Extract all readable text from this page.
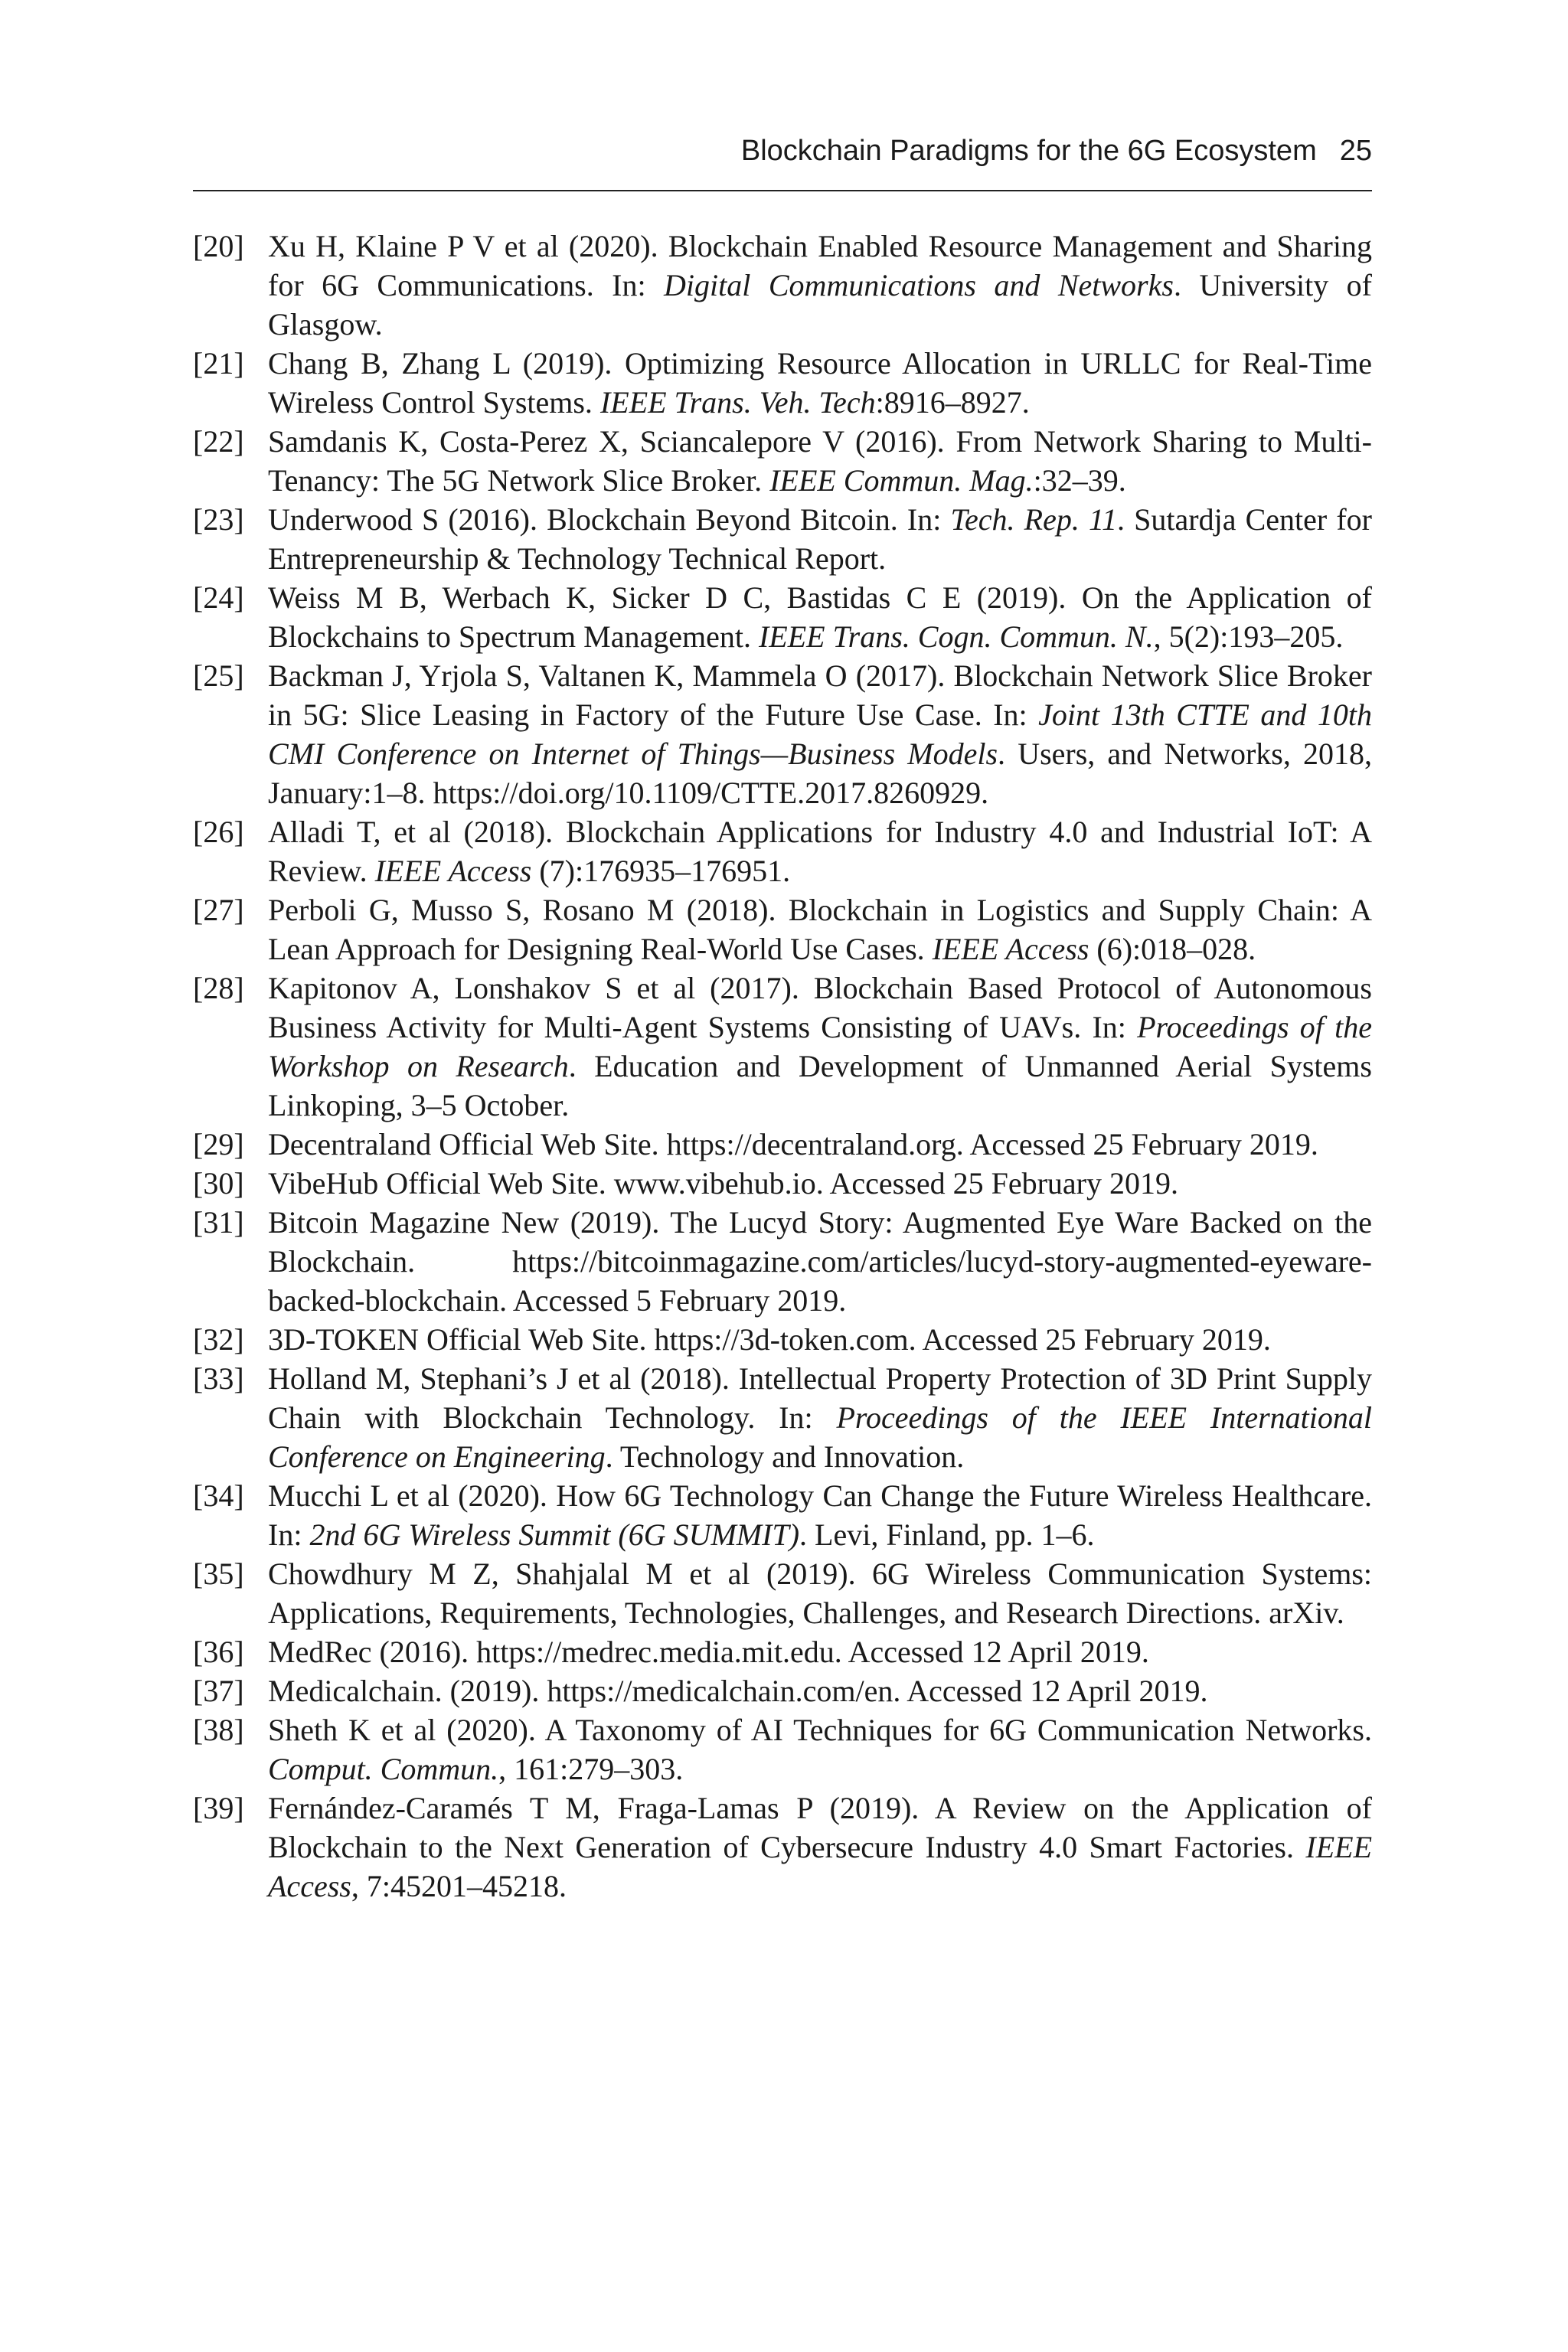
Blockchain Paradigms for the 6G Ecosystem 25
[20] Xu H, Klaine P V et al (2020). Blockchain Enabled Resource Management and Sharing for 6G Communications. In: Digital Communications and Networks. University of Glasgow.
[21] Chang B, Zhang L (2019). Optimizing Resource Allocation in URLLC for Real-Time Wireless Control Systems. IEEE Trans. Veh. Tech:8916–8927.
[22] Samdanis K, Costa-Perez X, Sciancalepore V (2016). From Network Sharing to Multi-Tenancy: The 5G Network Slice Broker. IEEE Commun. Mag.:32–39.
[23] Underwood S (2016). Blockchain Beyond Bitcoin. In: Tech. Rep. 11. Sutardja Center for Entrepreneurship & Technology Technical Report.
[24] Weiss M B, Werbach K, Sicker D C, Bastidas C E (2019). On the Application of Blockchains to Spectrum Management. IEEE Trans. Cogn. Commun. N., 5(2):193–205.
[25] Backman J, Yrjola S, Valtanen K, Mammela O (2017). Blockchain Network Slice Broker in 5G: Slice Leasing in Factory of the Future Use Case. In: Joint 13th CTTE and 10th CMI Conference on Internet of Things—Business Models. Users, and Networks, 2018, January:1–8. https://doi.org/10.1109/CTTE.2017.8260929.
[26] Alladi T, et al (2018). Blockchain Applications for Industry 4.0 and Industrial IoT: A Review. IEEE Access (7):176935–176951.
[27] Perboli G, Musso S, Rosano M (2018). Blockchain in Logistics and Supply Chain: A Lean Approach for Designing Real-World Use Cases. IEEE Access (6):018–028.
[28] Kapitonov A, Lonshakov S et al (2017). Blockchain Based Protocol of Autonomous Business Activity for Multi-Agent Systems Consisting of UAVs. In: Proceedings of the Workshop on Research. Education and Development of Unmanned Aerial Systems Linkoping, 3–5 October.
[29] Decentraland Official Web Site. https://decentraland.org. Accessed 25 February 2019.
[30] VibeHub Official Web Site. www.vibehub.io. Accessed 25 February 2019.
[31] Bitcoin Magazine New (2019). The Lucyd Story: Augmented Eye Ware Backed on the Blockchain. https://bitcoinmagazine.com/articles/lucyd-story-augmented-eyeware-backed-blockchain. Accessed 5 February 2019.
[32] 3D-TOKEN Official Web Site. https://3d-token.com. Accessed 25 February 2019.
[33] Holland M, Stephani’s J et al (2018). Intellectual Property Protection of 3D Print Supply Chain with Blockchain Technology. In: Proceedings of the IEEE International Conference on Engineering. Technology and Innovation.
[34] Mucchi L et al (2020). How 6G Technology Can Change the Future Wireless Healthcare. In: 2nd 6G Wireless Summit (6G SUMMIT). Levi, Finland, pp. 1–6.
[35] Chowdhury M Z, Shahjalal M et al (2019). 6G Wireless Communication Systems: Applications, Requirements, Technologies, Challenges, and Research Directions. arXiv.
[36] MedRec (2016). https://medrec.media.mit.edu. Accessed 12 April 2019.
[37] Medicalchain. (2019). https://medicalchain.com/en. Accessed 12 April 2019.
[38] Sheth K et al (2020). A Taxonomy of AI Techniques for 6G Communication Networks. Comput. Commun., 161:279–303.
[39] Fernández-Caramés T M, Fraga-Lamas P (2019). A Review on the Application of Blockchain to the Next Generation of Cybersecure Industry 4.0 Smart Factories. IEEE Access, 7:45201–45218.
